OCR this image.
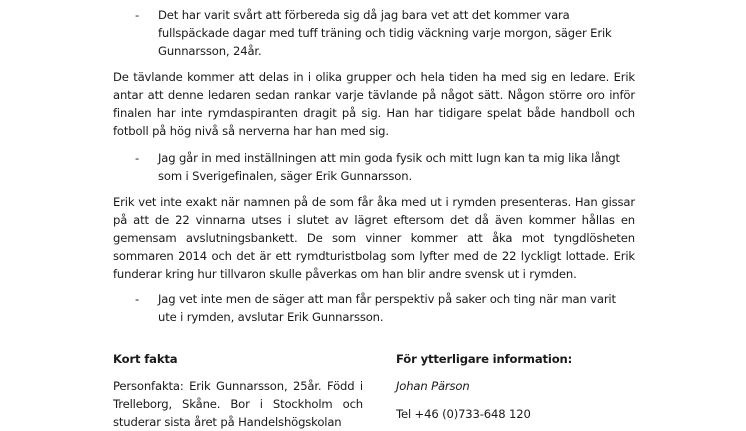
-	Det har varit svårt att förbereda sig då jag bara vet att det kommer vara fullspäckade dagar med tuff träning och tidig väckning varje morgon, säger Erik Gunnarsson, 24år.

De tävlande kommer att delas in i olika grupper och hela tiden ha med sig en ledare. Erik antar att denne ledaren sedan rankar varje tävlande på något sätt. Någon större oro inför finalen har inte rymdaspiranten dragit på sig. Han har tidigare spelat både handboll och fotboll på hög nivå så nerverna har han med sig.

-	Jag går in med inställningen att min goda fysik och mitt lugn kan ta mig lika långt som i Sverigefinalen, säger Erik Gunnarsson.

Erik vet inte exakt när namnen på de som får åka med ut i rymden presenteras. Han gissar på att de 22 vinnarna utses i slutet av lägret eftersom det då även kommer hållas en gemensam avslutningsbankett. De som vinner kommer att åka mot tyngdlösheten sommaren 2014 och det är ett rymdturistbolag som lyfter med de 22 lyckligt lottade. Erik funderar kring hur tillvaron skulle påverkas om han blir andre svensk ut i rymden.

-	Jag vet inte men de säger att man får perspektiv på saker och ting när man varit ute i rymden, avslutar Erik Gunnarsson.
Kort fakta
Personfakta: Erik Gunnarsson, 25år. Född i Trelleborg, Skåne. Bor i Stockholm och studerar sista året på Handelshögskolan
För ytterligare information:
Johan Pärson
Tel +46 (0)733-648 120
